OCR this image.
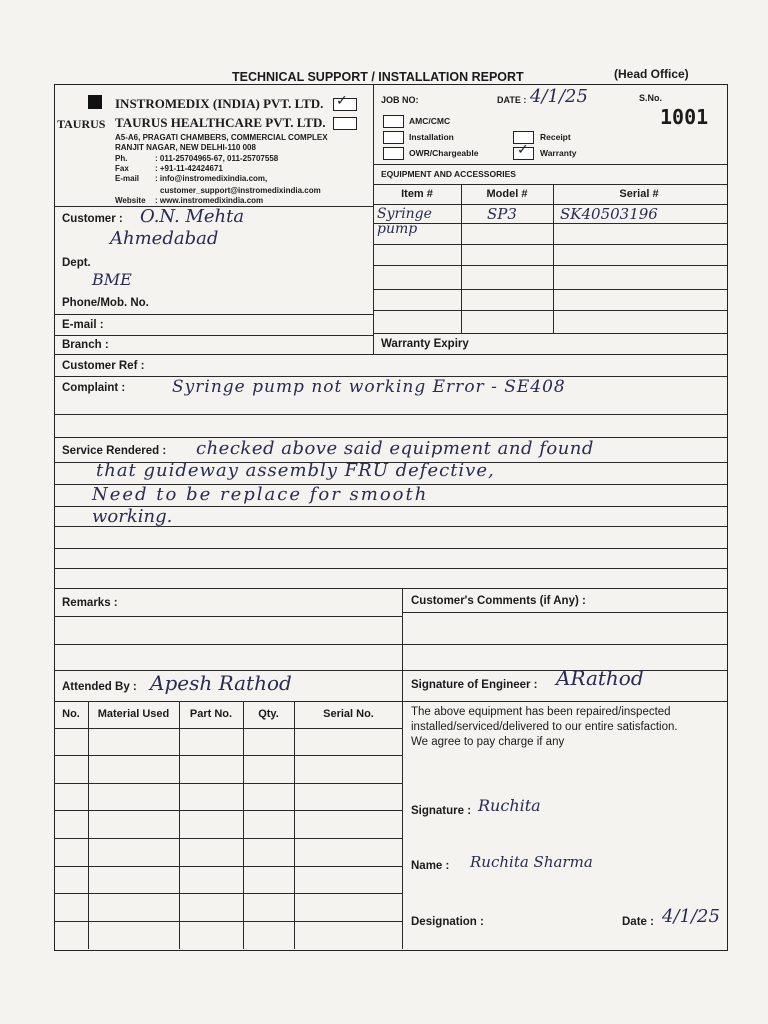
TECHNICAL SUPPORT / INSTALLATION REPORT	(Head Office)
INSTROMEDIX (INDIA) PVT. LTD. ✓
TAURUS TAURUS HEALTHCARE PVT. LTD.
A5-A6, PRAGATI CHAMBERS, COMMERCIAL COMPLEX
RANJIT NAGAR, NEW DELHI-110 008
Ph.	: 011-25704965-67, 011-25707558
Fax	: +91-11-42424671
E-mail : info@instromedixindia.com,
customer_support@instromedixindia.com
Website : www.instromedixindia.com
JOB NO:	DATE : 4/1/25	S.No.
1001
AMC/CMC
Installation
OWR/Chargeable
Receipt
✓ Warranty
EQUIPMENT AND ACCESSORIES
Item #	Model #	Serial #
Syringe pump
SP3	SK40503196
Warranty Expiry
Customer : O.N. Mehta
Ahmedabad
Dept.
BME
Phone/Mob. No.
E-mail :
Branch :
Customer Ref :
Complaint :	Syringe pump not working Error - SE408
Service Rendered : checked above said equipment and found
that guideway assembly FRU defective,
Need to be replace for smooth
working.
Remarks :	Customer's Comments (if Any) :
Attended By : Apesh Rathod	Signature of Engineer : ARathod
No.	Material Used	Part No.	Qty.	Serial No.	The above equipment has been repaired/inspected
installed/serviced/delivered to our entire satisfaction.
We agree to pay charge if any
Signature : Ruchita
Name : Ruchita Sharma
Designation :	Date : 4/1/25
